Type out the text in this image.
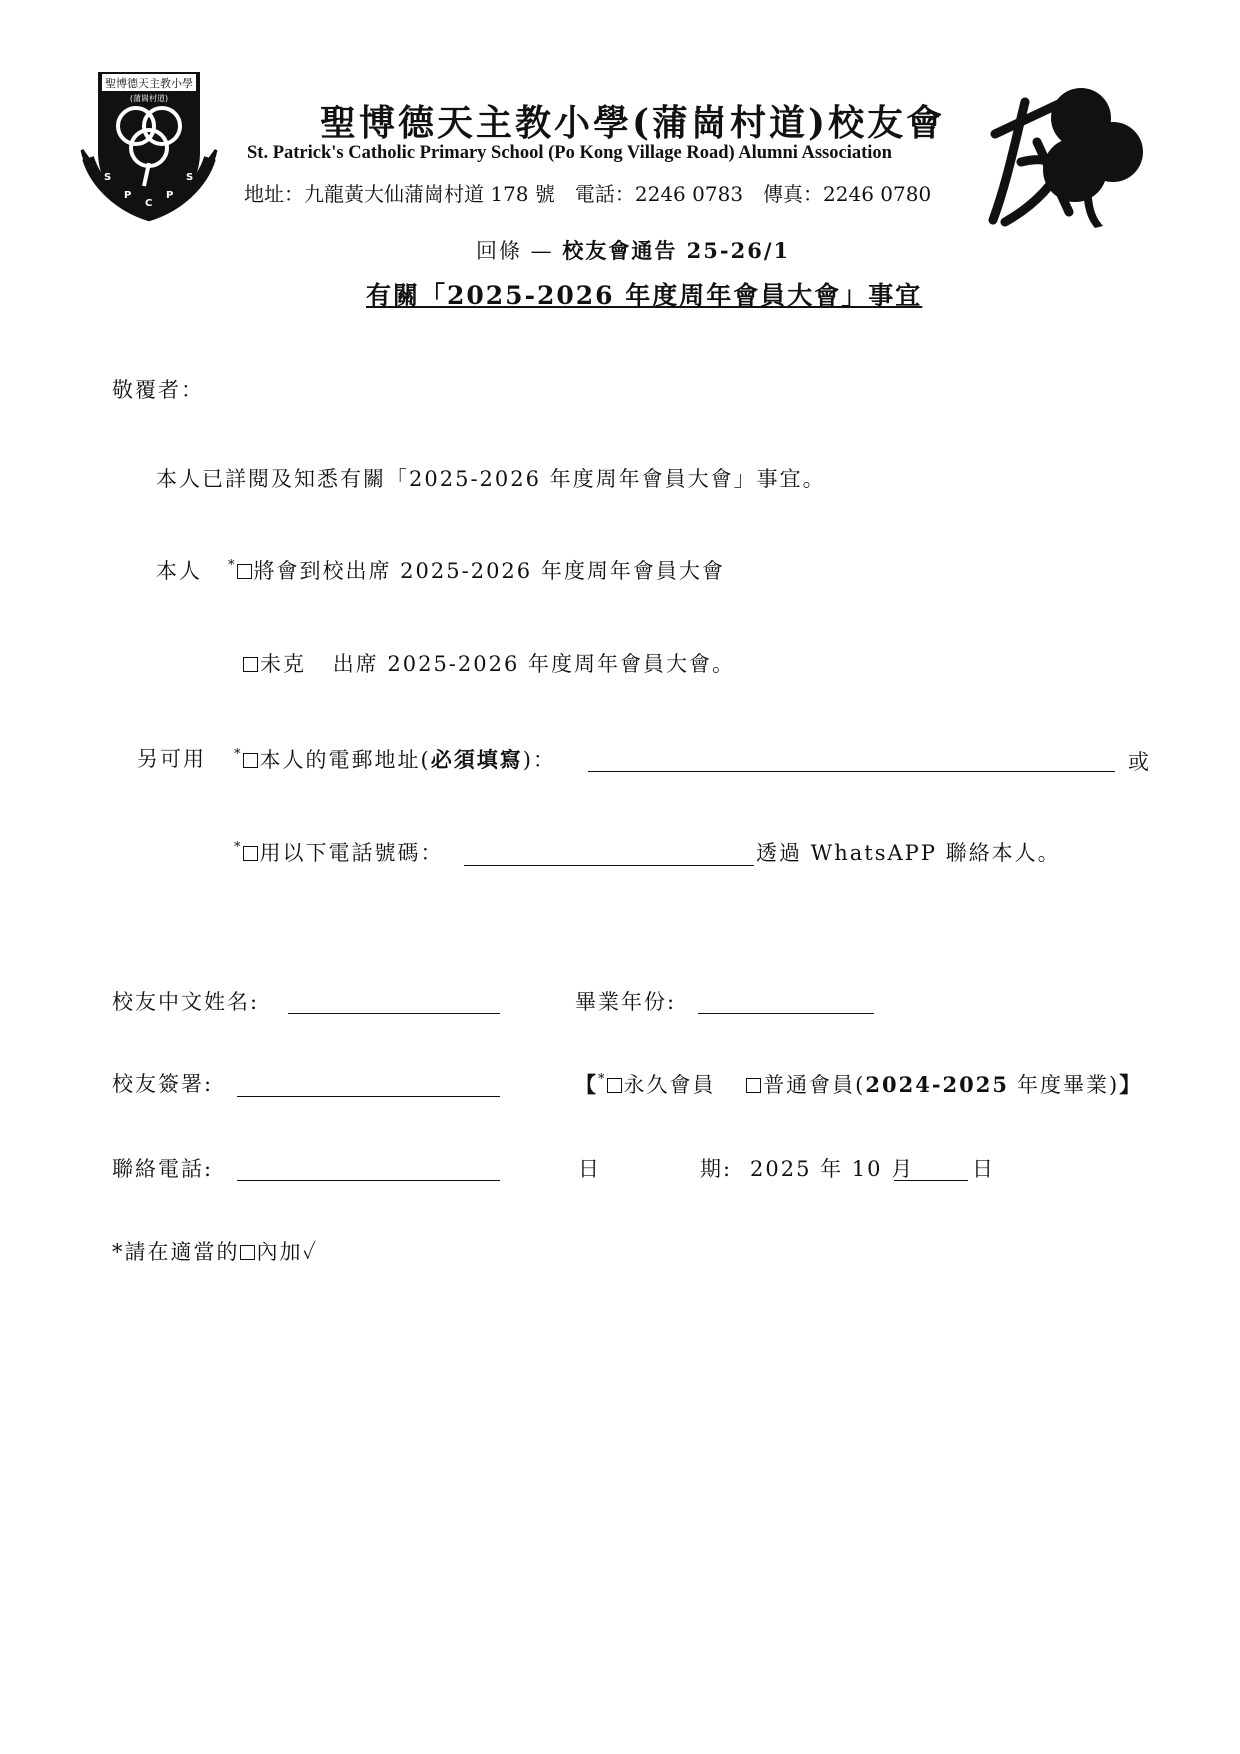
聖博德天主教小學
(蒲崗村道)
S
P
C
P
S
聖博德天主教小學(蒲崗村道)校友會
St. Patrick's Catholic Primary School (Po Kong Village Road) Alumni Association
地址：九龍黃大仙蒲崗村道 178 號　電話：2246 0783　傳真：2246 0780
回條 — 校友會通告 25-26/1
有關「2025-2026 年度周年會員大會」事宜
敬覆者：
本人已詳閱及知悉有關「2025-2026 年度周年會員大會」事宜。
本人 * 將會到校出席 2025-2026 年度周年會員大會
未克 出席 2025-2026 年度周年會員大會。
另可用 * 本人的電郵地址(必須填寫)：	或
* 用以下電話號碼：	透過 WhatsAPP 聯絡本人。
校友中文姓名:	畢業年份:
校友簽署:	【* 永久會員 普通會員(2024-2025 年度畢業)】
聯絡電話:	日	期: 2025 年 10 月	日
*請在適當的 內加✓
